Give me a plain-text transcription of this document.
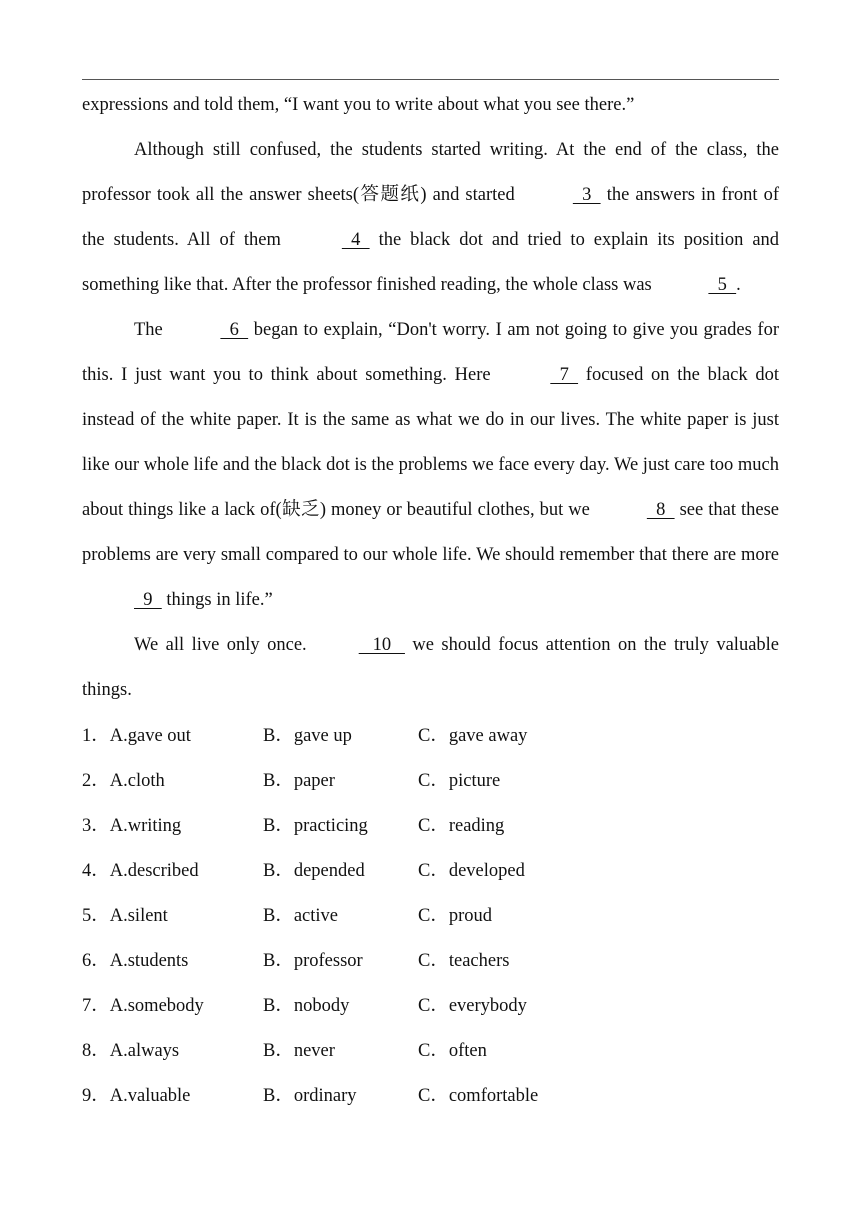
expressions and told them, “I want you to write about what you see there.”

Although still confused, the students started writing. At the end of the class, the professor took all the answer sheets(答题纸) and started	3   the answers in front of the students. All of them	4   the black dot and tried to explain its position and something like that. After the professor finished reading, the whole class was	5  .

The	6   began to explain, “Don't worry. I am not going to give you grades for this. I just want you to think about something. Here	7   focused on the black dot instead of the white paper. It is the same as what we do in our lives. The white paper is just like our whole life and the black dot is the problems we face every day. We just care too much about things like a lack of(缺乏) money or beautiful clothes, but we	8   see that these problems are very small compared to our whole life. We should remember that there are more   9   things in life.”

We all live only once.	10    we should focus attention on the truly valuable things.

1．A.gave out	B．gave up	C．gave away
2．A.cloth	B．paper	C．picture
3．A.writing	B．practicing	C．reading
4．A.described	B．depended	C．developed
5．A.silent	B．active	C．proud
6．A.students	B．professor	C．teachers
7．A.somebody	B．nobody	C．everybody
8．A.always	B．never	C．often
9．A.valuable	B．ordinary	C．comfortable
